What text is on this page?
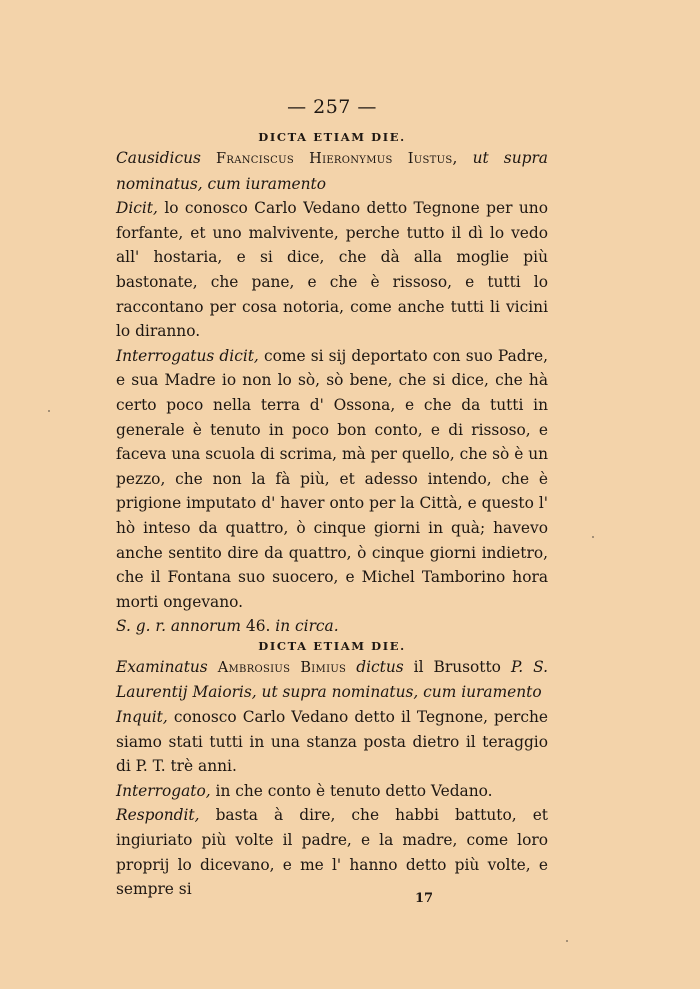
— 257 —
DICTA ETIAM DIE.

Causidicus Franciscus Hieronymus Iustus, ut supra nominatus, cum iuramento

Dicit, lo conosco Carlo Vedano detto Tegnone per uno forfante, et uno malvivente, perche tutto il dì lo vedo all' hostaria, e si dice, che dà alla moglie più bastonate, che pane, e che è rissoso, e tutti lo raccontano per cosa notoria, come anche tutti li vicini lo diranno.

Interrogatus dicit, come si sij deportato con suo Padre, e sua Madre io non lo sò, sò bene, che si dice, che hà certo poco nella terra d' Ossona, e che da tutti in generale è tenuto in poco bon conto, e di rissoso, e faceva una scuola di scrima, mà per quello, che sò è un pezzo, che non la fà più, et adesso intendo, che è prigione imputato d' haver onto per la Città, e questo l' hò inteso da quattro, ò cinque giorni in quà; havevo anche sentito dire da quattro, ò cinque giorni indietro, che il Fontana suo suocero, e Michel Tamborino hora morti ongevano.

S. g. r. annorum 46. in circa.

DICTA ETIAM DIE.

Examinatus Ambrosius Bimius dictus il Brusotto P. S. Laurentij Maioris, ut supra nominatus, cum iuramento

Inquit, conosco Carlo Vedano detto il Tegnone, perche siamo stati tutti in una stanza posta dietro il teraggio di P. T. trè anni.

Interrogato, in che conto è tenuto detto Vedano.

Respondit, basta à dire, che habbi battuto, et ingiuriato più volte il padre, e la madre, come loro proprij lo dicevano, e me l' hanno detto più volte, e sempre si

17
